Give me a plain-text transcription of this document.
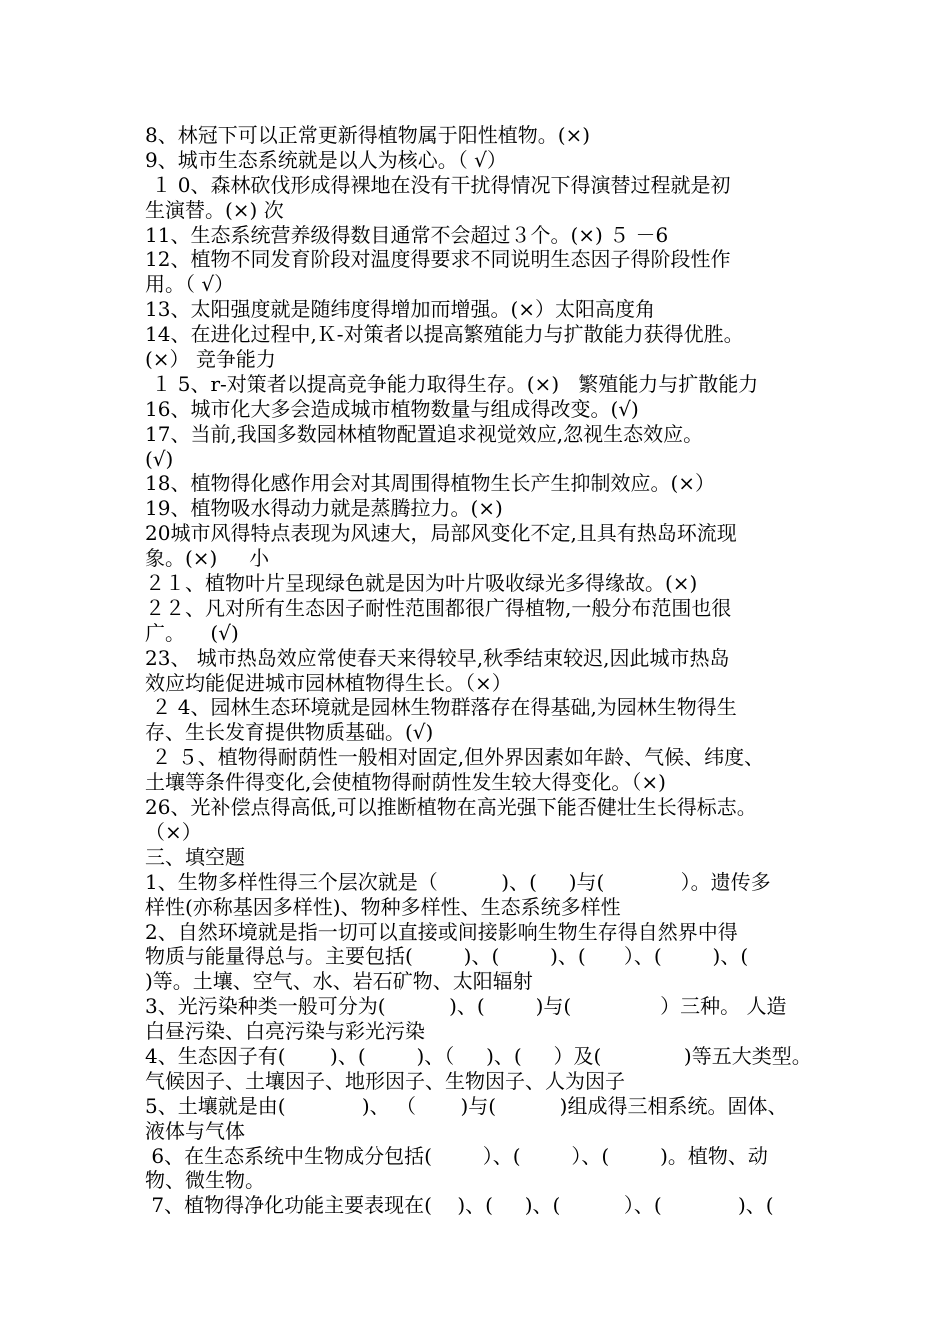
8、林冠下可以正常更新得植物属于阳性植物。(×)
9、城市生态系统就是以人为核心。（ √）
１ 0、森林砍伐形成得裸地在没有干扰得情况下得演替过程就是初
生演替。(×) 次
11、生态系统营养级得数目通常不会超过３个。(×) ５ －6
12、植物不同发育阶段对温度得要求不同说明生态因子得阶段性作
用。（ √）
13、太阳强度就是随纬度得增加而增强。(×）太阳高度角
14、在进化过程中,Ｋ-对策者以提高繁殖能力与扩散能力获得优胜。
(×） 竞争能力
１ 5、r-对策者以提高竞争能力取得生存。(×)   繁殖能力与扩散能力
16、城市化大多会造成城市植物数量与组成得改变。(√)
17、当前,我国多数园林植物配置追求视觉效应,忽视生态效应。
(√)
18、植物得化感作用会对其周围得植物生长产生抑制效应。(×）
19、植物吸水得动力就是蒸腾拉力。(×)
20城市风得特点表现为风速大，局部风变化不定,且具有热岛环流现
象。(×)     小
２１、植物叶片呈现绿色就是因为叶片吸收绿光多得缘故。(×)
２２、凡对所有生态因子耐性范围都很广得植物,一般分布范围也很
广。    (√)
23、 城市热岛效应常使春天来得较早,秋季结束较迟,因此城市热岛
效应均能促进城市园林植物得生长。（×）
２ 4、园林生态环境就是园林生物群落存在得基础,为园林生物得生
存、生长发育提供物质基础。(√)
２ ５、植物得耐荫性一般相对固定,但外界因素如年龄、气候、纬度、
土壤等条件得变化,会使植物得耐荫性发生较大得变化。（×)
26、光补偿点得高低,可以推断植物在高光强下能否健壮生长得标志。
（×）
三、填空题
1、生物多样性得三个层次就是（          )、(     )与(            ）。遗传多
样性(亦称基因多样性)、物种多样性、生态系统多样性
2、自然环境就是指一切可以直接或间接影响生物生存得自然界中得
物质与能量得总与。主要包括(        )、(        )、(      ）、(        )、(
)等。土壤、空气、水、岩石矿物、太阳辐射
3、光污染种类一般可分为(          )、(        )与(              ）三种。 人造
白昼污染、白亮污染与彩光污染
4、生态因子有(       )、(        )、（     )、(     ）及(             )等五大类型。
气候因子、土壤因子、地形因子、生物因子、人为因子
5、土壤就是由(            )、 （       )与(          )组成得三相系统。固体、
液体与气体
6、在生态系统中生物成分包括(        ）、(        ）、(        )。植物、动
物、微生物。
7、植物得净化功能主要表现在(    )、(     )、(          ）、(            )、(
